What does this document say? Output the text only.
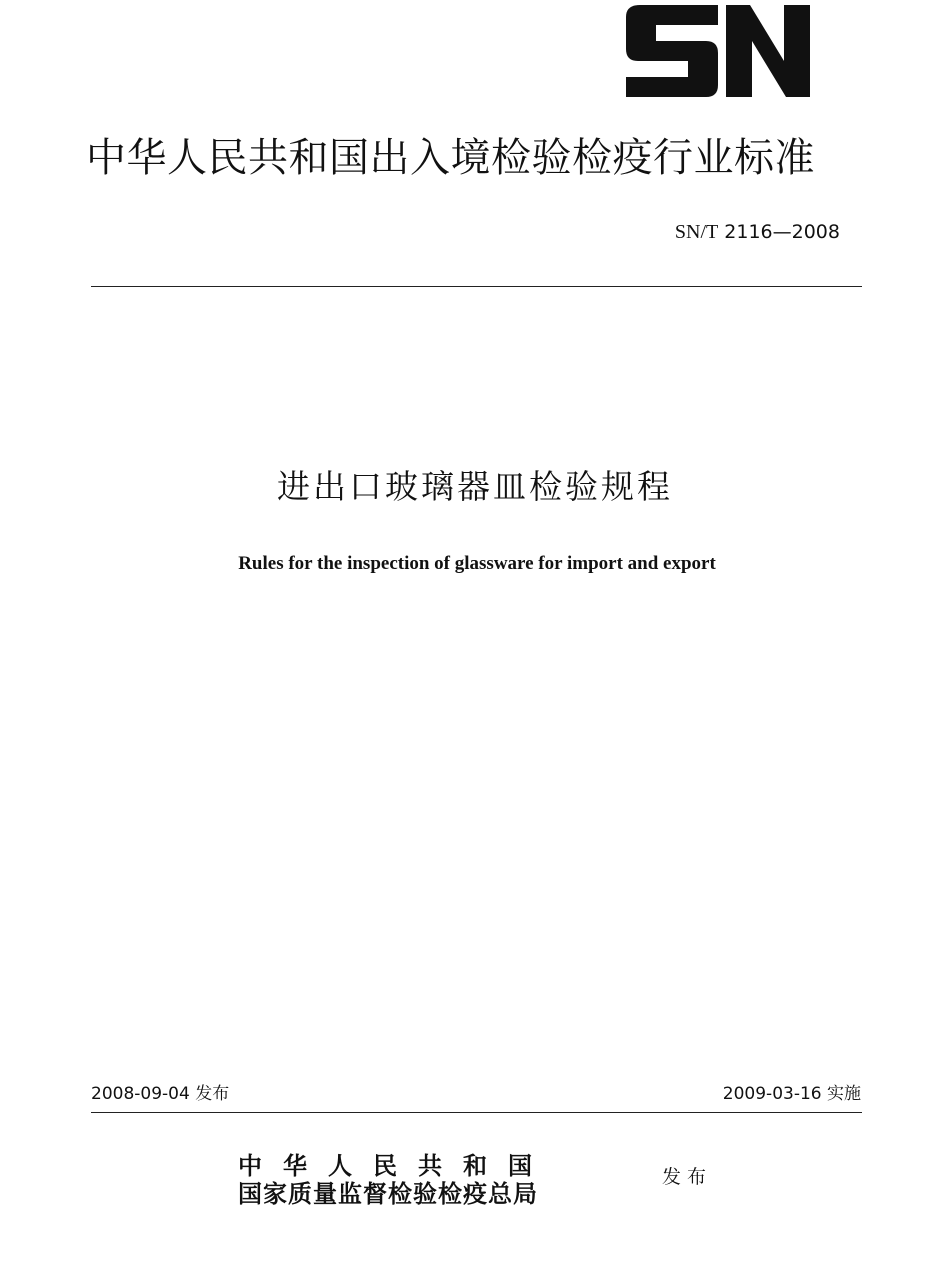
中华人民共和国出入境检验检疫行业标准
SN/T 2116—2008
进出口玻璃器皿检验规程

Rules for the inspection of glassware for import and export

2008-09-04 发布	2009-03-16 实施
中华人民共和国
国家质量监督检验检疫总局
发布
